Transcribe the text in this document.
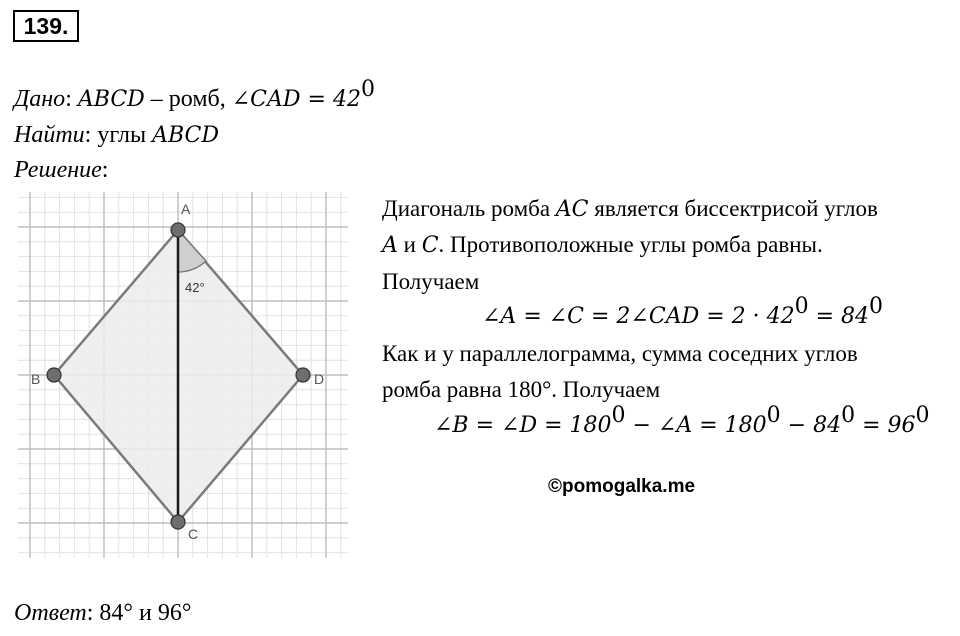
139.
Дано: ABCD – ромб, ∠CAD = $42^0$
Найти: углы ABCD
Решение:
A
B
C
D
42°
Диагональ ромба AC является биссектрисой углов
A и C. Противоположные углы ромба равны.
Получаем
∠A = ∠C = 2∠CAD = $2 \cdot 42^0 = 84^0$
Как и у параллелограмма, сумма соседних углов
ромба равна 180°. Получаем
∠B = ∠D = $180^0$ − ∠A = $180^0 - 84^0 = 96^0$
©pomogalka.me
Ответ: 84° и 96°
